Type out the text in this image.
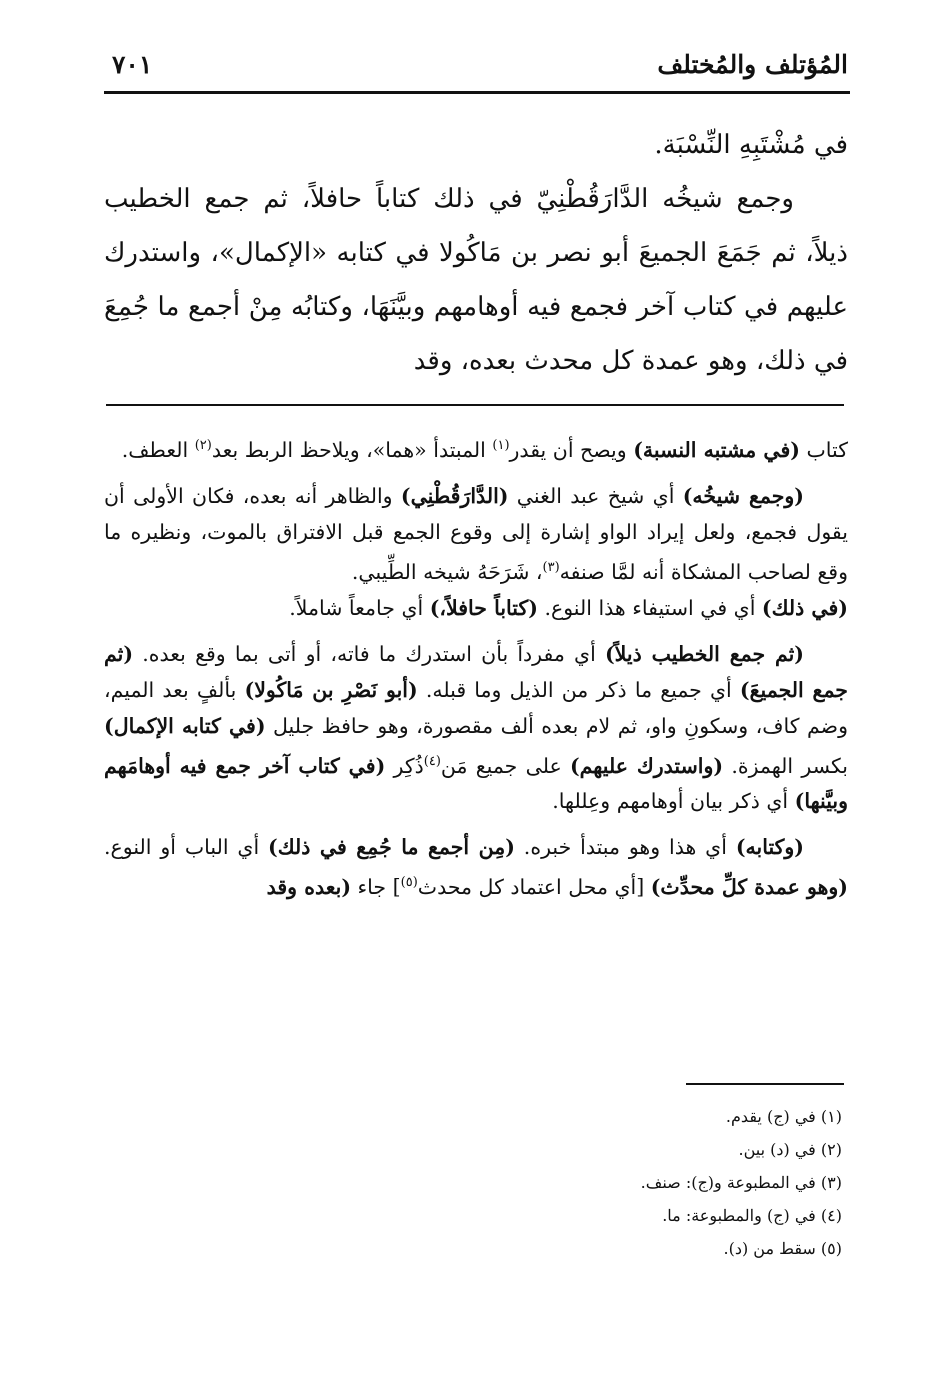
المُؤتلف والمُختلف
٧٠١

في مُشْتَبِهِ النِّسْبَة.

وجمع شيخُه الدَّارَقُطْنِيّ في ذلك كتاباً حافلاً، ثم جمع الخطيب ذيلاً، ثم جَمَعَ الجميعَ أبو نصر بن مَاكُولا في كتابه «الإكمال»، واستدرك عليهم في كتاب آخر فجمع فيه أوهامهم وبيَّنَهَا، وكتابُه مِنْ أجمع ما جُمِعَ في ذلك، وهو عمدة كل محدث بعده، وقد

كتاب (في مشتبه النسبة) ويصح أن يقدر$^{(١)}$ المبتدأ «هما»، ويلاحظ الربط بعد$^{(٢)}$ العطف.

(وجمع شيخُه) أي شيخ عبد الغني (الدَّارَقُطْنِي) والظاهر أنه بعده، فكان الأولى أن يقول فجمع، ولعل إيراد الواو إشارة إلى وقوع الجمع قبل الافتراق بالموت، ونظيره ما وقع لصاحب المشكاة أنه لمَّا صنفه$^{(٣)}$، شَرَحَهُ شيخه الطِّيبي.
(في ذلك) أي في استيفاء هذا النوع. (كتاباً حافلاً،) أي جامعاً شاملاً.

(ثم جمع الخطيب ذيلاً) أي مفرداً بأن استدرك ما فاته، أو أتى بما وقع بعده. (ثم جمع الجميعَ) أي جميع ما ذكر من الذيل وما قبله. (أبو نَصْرِ بن مَاكُولا) بألفٍ بعد الميم، وضم كاف، وسكونِ واو، ثم لام بعده ألف مقصورة، وهو حافظ جليل (في كتابه الإكمال) بكسر الهمزة. (واستدرك عليهم) على جميع مَن$^{(٤)}$ذُكِر (في كتاب آخر جمع فيه أوهامَهم وبيَّنها) أي ذكر بيان أوهامهم وعِللها.

(وكتابه) أي هذا وهو مبتدأ خبره. (مِن أجمع ما جُمِع في ذلك) أي الباب أو النوع. (وهو عمدة كلِّ محدِّث) [أي محل اعتماد كل محدث$^{(٥)}$] جاء (بعده وقد

(١) في (ج) يقدم.
(٢) في (د) بين.
(٣) في المطبوعة و(ج): صنف.
(٤) في (ج) والمطبوعة: ما.
(٥) سقط من (د).
